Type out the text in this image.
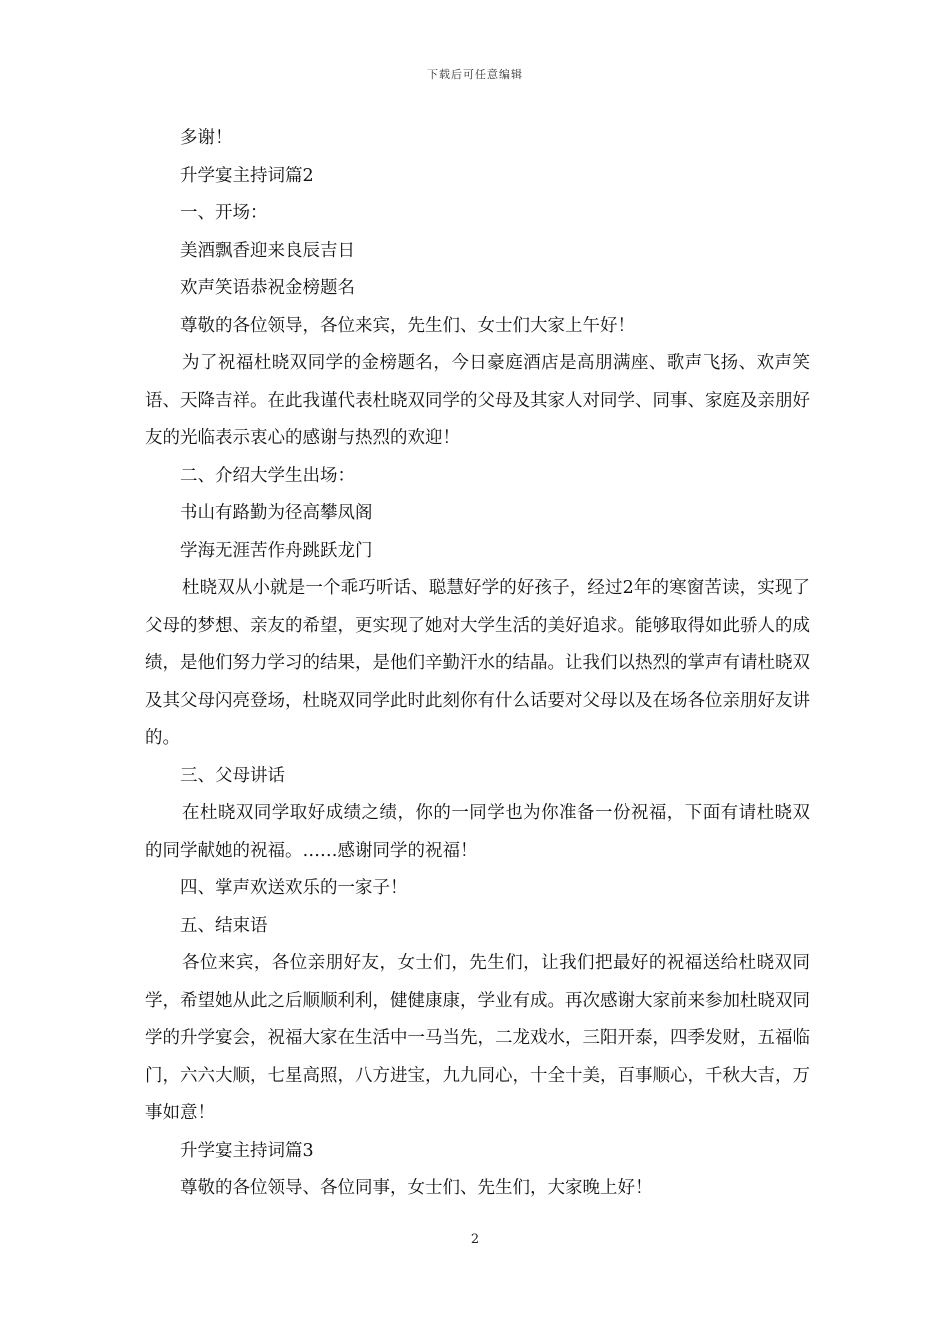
下载后可任意编辑
多谢！
升学宴主持词篇2
一、开场：
美酒飘香迎来良辰吉日
欢声笑语恭祝金榜题名
尊敬的各位领导，各位来宾，先生们、女士们大家上午好！
为了祝福杜晓双同学的金榜题名，今日豪庭酒店是高朋满座、歌声飞扬、欢声笑语、天降吉祥。在此我谨代表杜晓双同学的父母及其家人对同学、同事、家庭及亲朋好友的光临表示衷心的感谢与热烈的欢迎！
二、介绍大学生出场：
书山有路勤为径高攀凤阁
学海无涯苦作舟跳跃龙门
杜晓双从小就是一个乖巧听话、聪慧好学的好孩子，经过2年的寒窗苦读，实现了父母的梦想、亲友的希望，更实现了她对大学生活的美好追求。能够取得如此骄人的成绩，是他们努力学习的结果，是他们辛勤汗水的结晶。让我们以热烈的掌声有请杜晓双及其父母闪亮登场，杜晓双同学此时此刻你有什么话要对父母以及在场各位亲朋好友讲的。
三、父母讲话
在杜晓双同学取好成绩之绩，你的一同学也为你准备一份祝福，下面有请杜晓双的同学献她的祝福。……感谢同学的祝福！
四、掌声欢送欢乐的一家子！
五、结束语
各位来宾，各位亲朋好友，女士们，先生们，让我们把最好的祝福送给杜晓双同学，希望她从此之后顺顺利利，健健康康，学业有成。再次感谢大家前来参加杜晓双同学的升学宴会，祝福大家在生活中一马当先，二龙戏水，三阳开泰，四季发财，五福临门，六六大顺，七星高照，八方进宝，九九同心，十全十美，百事顺心，千秋大吉，万事如意！
升学宴主持词篇3
尊敬的各位领导、各位同事，女士们、先生们，大家晚上好！
2
